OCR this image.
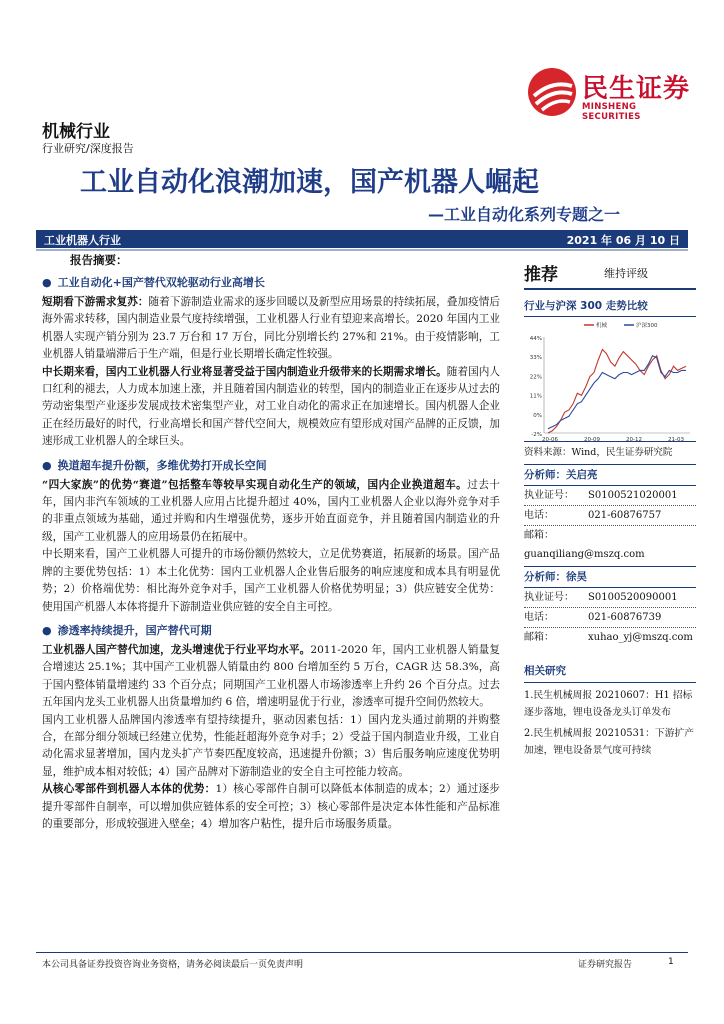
民生证券
MINSHENG SECURITIES
机械行业
行业研究/深度报告
工业自动化浪潮加速，国产机器人崛起
—工业自动化系列专题之一
工业机器人行业	2021 年 06 月 10 日
报告摘要：
● 工业自动化+国产替代双轮驱动行业高增长

短期看下游需求复苏：随着下游制造业需求的逐步回暖以及新型应用场景的持续拓展，叠加疫情后海外需求转移，国内制造业景气度持续增强，工业机器人行业有望迎来高增长。2020 年国内工业机器人实现产销分别为 23.7 万台和 17 万台，同比分别增长约 27%和 21%。由于疫情影响，工业机器人销量端滞后于生产端，但是行业长期增长确定性较强。

中长期来看，国内工业机器人行业将显著受益于国内制造业升级带来的长期需求增长。随着国内人口红利的褪去，人力成本加速上涨，并且随着国内制造业的转型，国内的制造业正在逐步从过去的劳动密集型产业逐步发展成技术密集型产业，对工业自动化的需求正在加速增长。国内机器人企业正在经历最好的时代，行业高增长和国产替代空间大，规模效应有望形成对国产品牌的正反馈，加速形成工业机器人的全球巨头。

● 换道超车提升份额，多维优势打开成长空间

“四大家族”的优势“赛道”包括整车等较早实现自动化生产的领域，国内企业换道超车。过去十年，国内非汽车领域的工业机器人应用占比提升超过 40%，国内工业机器人企业以海外竞争对手的非重点领域为基础，通过并购和内生增强优势，逐步开始直面竞争，并且随着国内制造业的升级，国产工业机器人的应用场景仍在拓展中。

中长期来看，国产工业机器人可提升的市场份额仍然较大，立足优势赛道，拓展新的场景。国产品牌的主要优势包括：1）本土化优势：国内工业机器人企业售后服务的响应速度和成本具有明显优势；2）价格端优势：相比海外竞争对手，国产工业机器人价格优势明显；3）供应链安全优势：使用国产机器人本体将提升下游制造业供应链的安全自主可控。

● 渗透率持续提升，国产替代可期

工业机器人国产替代加速，龙头增速优于行业平均水平。2011-2020 年，国内工业机器人销量复合增速达 25.1%；其中国产工业机器人销量由约 800 台增加至约 5 万台，CAGR 达 58.3%，高于国内整体销量增速约 33 个百分点；同期国产工业机器人市场渗透率上升约 26 个百分点。过去五年国内龙头工业机器人出货量增加约 6 倍，增速明显优于行业，渗透率可提升空间仍然较大。

国内工业机器人品牌国内渗透率有望持续提升，驱动因素包括：1）国内龙头通过前期的并购整合，在部分细分领域已经建立优势，性能赶超海外竞争对手；2）受益于国内制造业升级，工业自动化需求显著增加，国内龙头扩产节奏匹配度较高，迅速提升份额；3）售后服务响应速度优势明显，维护成本相对较低；4）国产品牌对下游制造业的安全自主可控能力较高。

从核心零部件到机器人本体的优势：1）核心零部件自制可以降低本体制造的成本；2）通过逐步提升零部件自制率，可以增加供应链体系的安全可控；3）核心零部件是决定本体性能和产品标准的重要部分，形成较强进入壁垒；4）增加客户粘性，提升后市场服务质量。

推荐	维持评级
行业与沪深 300 走势比较
44%
33%
22%
11%
0%
-2%
20-06	20-09	20-12	21-03
机械	沪深300
资料来源：Wind，民生证券研究院
分析师：关启亮
执业证号： S0100521020001
电话：	021-60876757
邮箱：guanqiliang@mszq.com
分析师：徐昊
执业证号： S0100520090001
电话：	021-60876739
邮箱：	xuhao_yj@mszq.com
相关研究
1.民生机械周报 20210607：H1 招标逐步落地，锂电设备龙头订单发布
2.民生机械周报 20210531：下游扩产加速，锂电设备景气度可持续
本公司具备证券投资咨询业务资格，请务必阅读最后一页免责声明	证券研究报告	1
